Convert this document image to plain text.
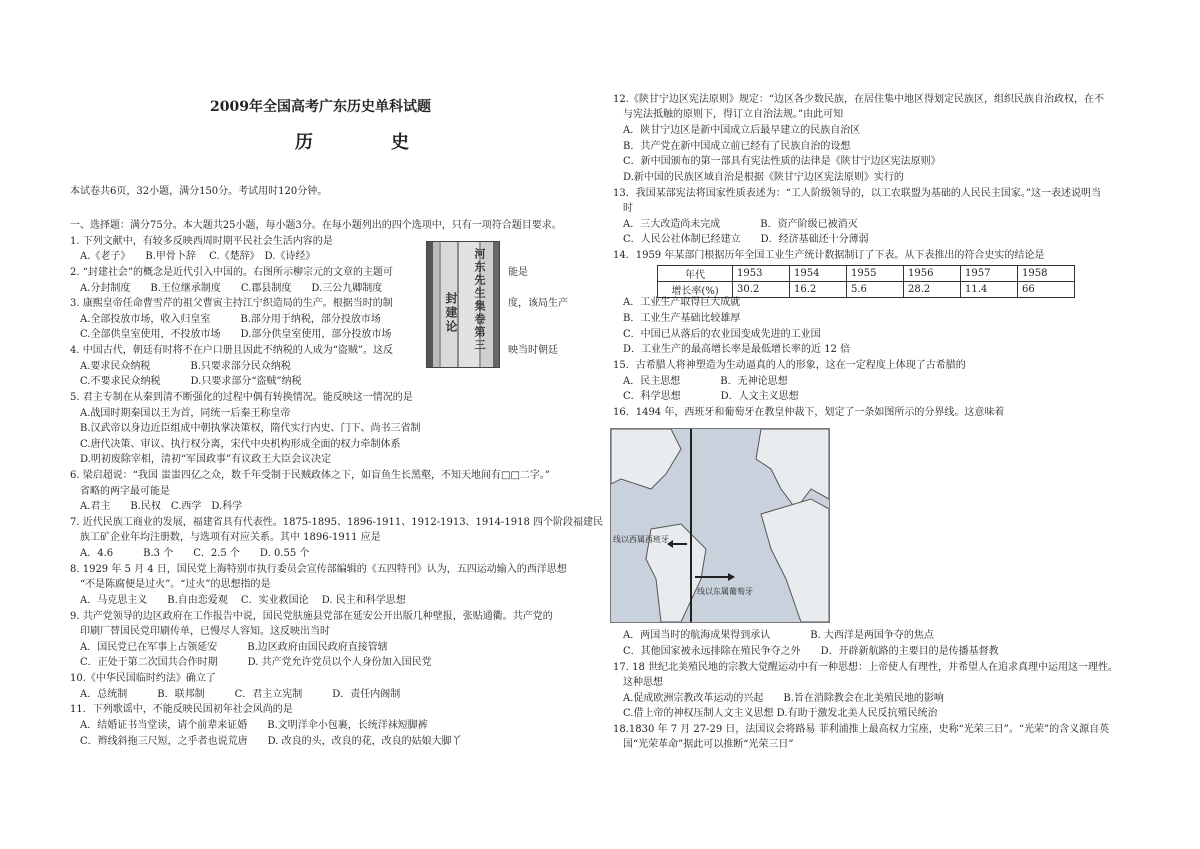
2009年全国高考广东历史单科试题
历　史
本试卷共6页，32小题，满分150分。考试用时120分钟。
一、选择题：满分75分。本大题共25小题，每小题3分。在每小题列出的四个选项中，只有一项符合题目要求。
1. 下列文献中，有较多反映西周时期平民社会生活内容的是
　A.《老子》　　B.甲骨卜辞　 C.《楚辞》　D.《诗经》
2. “封建社会”的概念是近代引入中国的。右图所示柳宗元的文章的主题可
　A.分封制度　　B.王位继承制度　　C.郡县制度　　D.三公九卿制度
3. 康熙皇帝任命曹雪芹的祖父曹寅主持江宁织造局的生产。根据当时的制
　A.全部投放市场，收入归皇室　　　B.部分用于纳税，部分投放市场
　C.全部供皇室使用，不投放市场　　D.部分供皇室使用，部分投放市场
4. 中国古代，朝廷有时将不在户口册且因此不纳税的人成为“盗贼”。这反
　A.要求民众纳税　　　　B.只要求部分民众纳税
　C.不要求民众纳税　　　D.只要求部分“盗贼”纳税
5. 君主专制在从秦到清不断强化的过程中偶有转换情况。能反映这一情况的是
　A.战国时期秦国以王为首，同统一后秦王称皇帝
　B.汉武帝以身边近臣组成中朝执掌决策权，隋代实行内史、门下、尚书三省制
　C.唐代决策、审议、执行权分离，宋代中央机构形成全面的权力牵制体系
　D.明初废除宰相，清初“军国政事”有议政王大臣会议决定
6. 梁启超说：“我国 蚩蚩四亿之众，数千年受制于民贼政体之下，如盲鱼生长黑壑，不知天地间有□□二字。”
　省略的两字最可能是
　A.君主　　B.民权　C.西学　D.科学
7. 近代民族工商业的发展，福建省具有代表性。1875-1895、1896-1911、1912-1913、1914-1918 四个阶段福建民
　族工矿企业年均注册数，与选项有对应关系。其中 1896-1911 应是
　A．4.6　　　B.3 个　　C．2.5 个　　D. 0.55 个
8. 1929 年 5 月 4 日，国民党上海特别市执行委员会宣传部编辑的《五四特刊》认为，五四运动输入的西洋思想
　“不是陈腐便是过火”。“过火”的思想指的是
　A．马克思主义　　B.自由恋爱观　 C．实业救国论　 D. 民主和科学思想
9. 共产党领导的边区政府在工作报告中说，国民党肤施县党部在延安公开出版几种壁报，张贴通衢。共产党的
　印刷厂替国民党印刷传单，已慢尽人容知。这反映出当时
　A．国民党已在军事上占领延安　　　B.边区政府由国民政府直接管辖
　C．正处于第二次国共合作时期　　　D. 共产党允许党员以个人身份加入国民党
10.《中华民国临时约法》确立了
　A．总统制　　　B．联邦制　　　C．君主立宪制　　　D．责任内阁制
11．下列歌谣中，不能反映民国初年社会风尚的是
　A．结婚证书当堂读，请个前辈来证婚　　B.文明洋伞小包裹，长统洋袜短脚裤
　C．辫线斜拖三尺短，之乎者也说荒唐　　D. 改良的头，改良的花，改良的姑娘大脚丫
能是
度，该局生产
映当时朝廷
河东先生集卷第三
封建论
12.《陕甘宁边区宪法原则》规定：“边区各少数民族，在居住集中地区得划定民族区，组织民族自治政权，在不
　与宪法抵触的原则下，得订立自治法规。”由此可知
　A．陕甘宁边区是新中国成立后最早建立的民族自治区
　B．共产党在新中国成立前已经有了民族自治的设想
　C．新中国颁布的第一部具有宪法性质的法律是《陕甘宁边区宪法原则》
　D.新中国的民族区域自治是根据《陕甘宁边区宪法原则》实行的
13．我国某部宪法将国家性质表述为：“工人阶级领导的，以工农联盟为基础的人民民主国家。”这一表述说明当
　时
　A．三大改造尚未完成　　　　B．资产阶级已被消灭
　C．人民公社体制已经建立　　D．经济基础还十分薄弱
14．1959 年某部门根据历年全国工业生产统计数据制订了下表。从下表推出的符合史实的结论是
年代	1953	1954	1955	1956	1957	1958
增长率(%)	30.2	16.2	5.6	28.2	11.4	66
　A．工业生产取得巨大成就
　B．工业生产基础比较雄厚
　C．中国已从落后的农业国变成先进的工业国
　D．工业生产的最高增长率是最低增长率的近 12 倍
15．古希腊人将神塑造为生动逼真的人的形象，这在一定程度上体现了古希腊的
　A．民主思想　　　　B．无神论思想
　C．科学思想　　　　D．人文主义思想
16．1494 年，西班牙和葡萄牙在教皇仲裁下，划定了一条如图所示的分界线。这意味着
线以西属西班牙
线以东属葡萄牙
　A．两国当时的航海成果得到承认　　　　B. 大西洋是两国争夺的焦点
　C．其他国家被永远排除在殖民争夺之外　　D．开辟新航路的主要目的是传播基督教
17. 18 世纪北美殖民地的宗教大觉醒运动中有一种思想：上帝使人有理性，并希望人在追求真理中运用这一理性。
　这种思想
　A.促成欧洲宗教改革运动的兴起　　B.旨在消除教会在北美殖民地的影响
　C.借上帝的神权压制人文主义思想 D.有助于激发北美人民反抗殖民统治
18.1830 年 7 月 27-29 日，法国议会将路易 菲利浦推上最高权力宝座，史称“光荣三日”。“光荣”的含义源自英
　国“光荣革命”据此可以推断“光荣三日”
